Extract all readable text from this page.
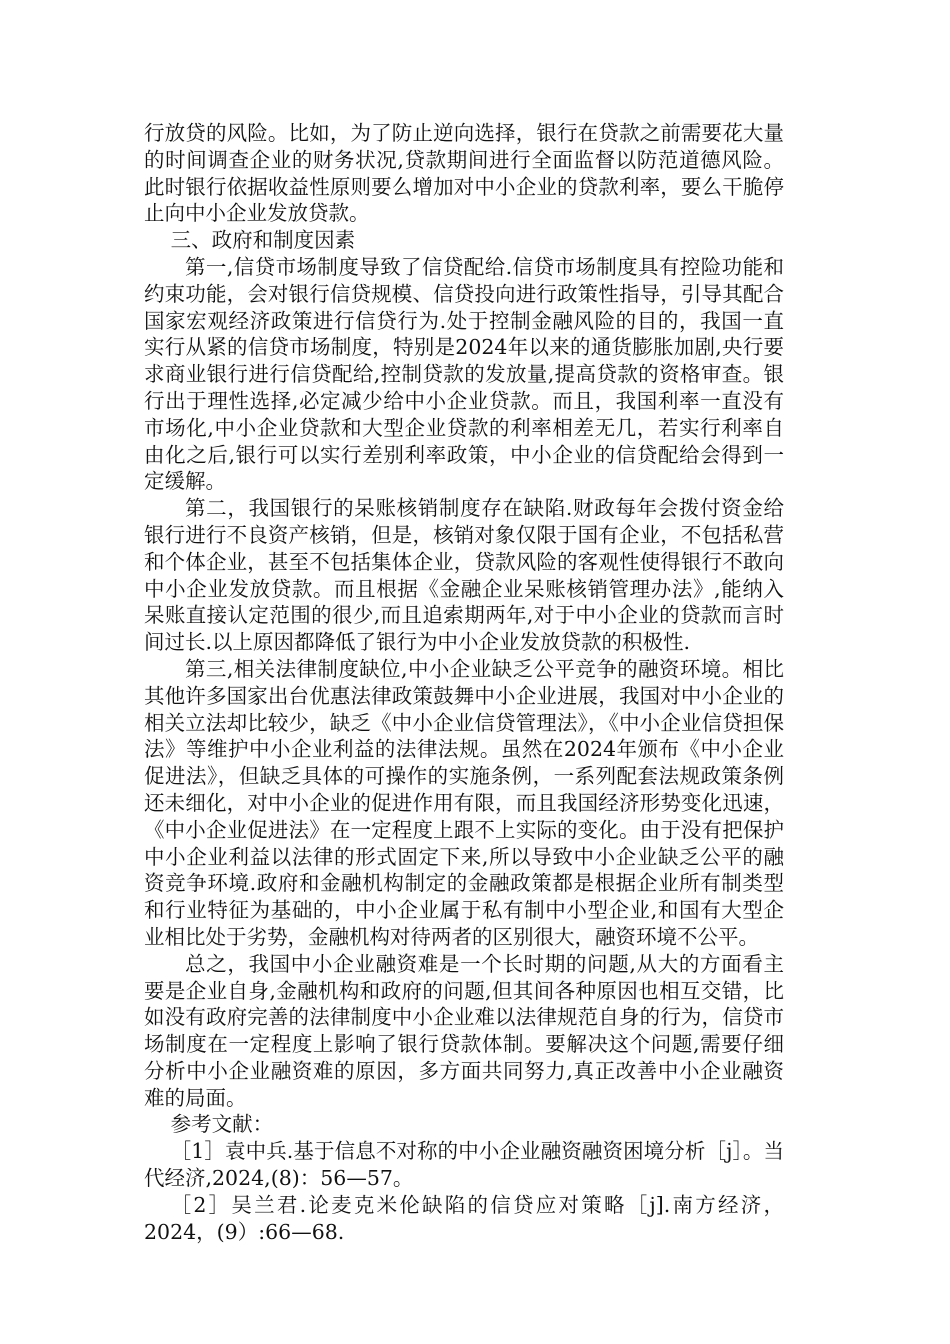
行放贷的风险。比如，为了防止逆向选择，银行在贷款之前需要花大量的时间调查企业的财务状况,贷款期间进行全面监督以防范道德风险。此时银行依据收益性原则要么增加对中小企业的贷款利率，要么干脆停止向中小企业发放贷款。

三、政府和制度因素

第一,信贷市场制度导致了信贷配给.信贷市场制度具有控险功能和约束功能，会对银行信贷规模、信贷投向进行政策性指导，引导其配合国家宏观经济政策进行信贷行为.处于控制金融风险的目的，我国一直实行从紧的信贷市场制度，特别是2024年以来的通货膨胀加剧,央行要求商业银行进行信贷配给,控制贷款的发放量,提高贷款的资格审查。银行出于理性选择,必定减少给中小企业贷款。而且，我国利率一直没有市场化,中小企业贷款和大型企业贷款的利率相差无几，若实行利率自由化之后,银行可以实行差别利率政策，中小企业的信贷配给会得到一定缓解。

第二，我国银行的呆账核销制度存在缺陷.财政每年会拨付资金给银行进行不良资产核销，但是，核销对象仅限于国有企业，不包括私营和个体企业，甚至不包括集体企业，贷款风险的客观性使得银行不敢向中小企业发放贷款。而且根据《金融企业呆账核销管理办法》,能纳入呆账直接认定范围的很少,而且追索期两年,对于中小企业的贷款而言时间过长.以上原因都降低了银行为中小企业发放贷款的积极性.

第三,相关法律制度缺位,中小企业缺乏公平竞争的融资环境。相比其他许多国家出台优惠法律政策鼓舞中小企业进展，我国对中小企业的相关立法却比较少，缺乏《中小企业信贷管理法》，《中小企业信贷担保法》等维护中小企业利益的法律法规。虽然在2024年颁布《中小企业促进法》，但缺乏具体的可操作的实施条例，一系列配套法规政策条例还未细化，对中小企业的促进作用有限，而且我国经济形势变化迅速，《中小企业促进法》在一定程度上跟不上实际的变化。由于没有把保护中小企业利益以法律的形式固定下来,所以导致中小企业缺乏公平的融资竞争环境.政府和金融机构制定的金融政策都是根据企业所有制类型和行业特征为基础的，中小企业属于私有制中小型企业,和国有大型企业相比处于劣势，金融机构对待两者的区别很大，融资环境不公平。

总之，我国中小企业融资难是一个长时期的问题,从大的方面看主要是企业自身,金融机构和政府的问题,但其间各种原因也相互交错，比如没有政府完善的法律制度中小企业难以法律规范自身的行为，信贷市场制度在一定程度上影响了银行贷款体制。要解决这个问题,需要仔细分析中小企业融资难的原因，多方面共同努力,真正改善中小企业融资难的局面。

参考文献：

［1］袁中兵.基于信息不对称的中小企业融资融资困境分析［j］。当代经济,2024,(8)：56—57。

［2］吴兰君.论麦克米伦缺陷的信贷应对策略［j].南方经济，2024，(9）:66—68.
